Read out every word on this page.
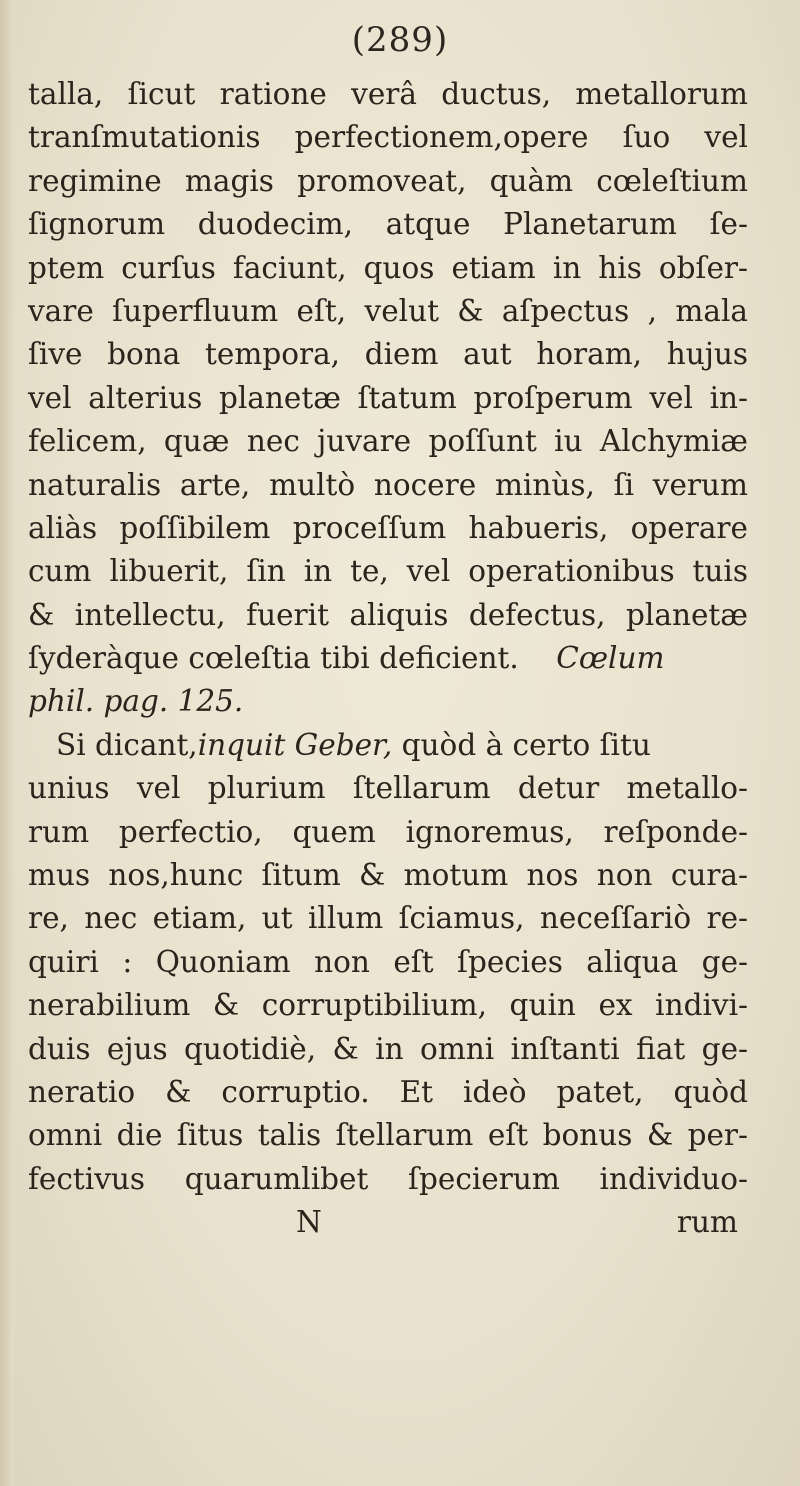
(289)
talla, ſicut ratione verâ ductus, metallorum
tranſmutationis perfectionem,opere ſuo vel
regimine magis promoveat, quàm cœleſtium
ſignorum duodecim, atque Planetarum ſe-
ptem curſus faciunt, quos etiam in his obſer-
vare ſuperfluum eſt, velut & aſpectus , mala
ſive bona tempora, diem aut horam, hujus
vel alterius planetæ ſtatum proſperum vel in-
felicem, quæ nec juvare poſſunt iu Alchymiæ
naturalis arte, multò nocere minùs, ſi verum
aliàs poſſibilem proceſſum habueris, operare
cum libuerit, ſin in te, vel operationibus tuis
& intellectu, fuerit aliquis defectus, planetæ
ſyderàque cœleſtia tibi deficient. Cœlum
phil. pag. 125.
Si dicant,inquit Geber, quòd à certo ſitu
unius vel plurium ſtellarum detur metallo-
rum perfectio, quem ignoremus, reſponde-
mus nos,hunc ſitum & motum nos non cura-
re, nec etiam, ut illum ſciamus, neceſſariò re-
quiri : Quoniam non eſt ſpecies aliqua ge-
nerabilium & corruptibilium, quin ex indivi-
duis ejus quotidiè, & in omni inſtanti fiat ge-
neratio & corruptio. Et ideò patet, quòd
omni die ſitus talis ſtellarum eſt bonus & per-
fectivus quarumlibet ſpecierum individuo-
N	rum
